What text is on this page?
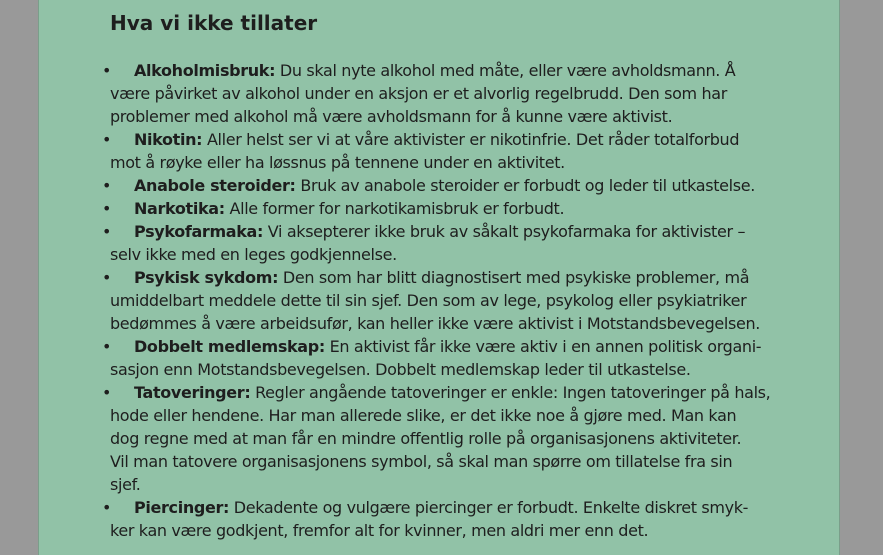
Hva vi ikke tillater
•	Alkoholmisbruk: Du skal nyte alkohol med måte, eller være avholdsmann. Å
være påvirket av alkohol under en aksjon er et alvorlig regelbrudd. Den som har
problemer med alkohol må være avholdsmann for å kunne være aktivist.
•	Nikotin: Aller helst ser vi at våre aktivister er nikotinfrie. Det råder totalforbud
mot å røyke eller ha løssnus på tennene under en aktivitet.
•	Anabole steroider: Bruk av anabole steroider er forbudt og leder til utkastelse.
•	Narkotika: Alle former for narkotikamisbruk er forbudt.
•	Psykofarmaka: Vi aksepterer ikke bruk av såkalt psykofarmaka for aktivister –
selv ikke med en leges godkjennelse.
•	Psykisk sykdom: Den som har blitt diagnostisert med psykiske problemer, må
umiddelbart meddele dette til sin sjef. Den som av lege, psykolog eller psykiatriker
bedømmes å være arbeidsufør, kan heller ikke være aktivist i Motstandsbevegelsen.
•	Dobbelt medlemskap: En aktivist får ikke være aktiv i en annen politisk organi-
sasjon enn Motstandsbevegelsen. Dobbelt medlemskap leder til utkastelse.
•	Tatoveringer: Regler angående tatoveringer er enkle: Ingen tatoveringer på hals,
hode eller hendene. Har man allerede slike, er det ikke noe å gjøre med. Man kan
dog regne med at man får en mindre offentlig rolle på organisasjonens aktiviteter.
Vil man tatovere organisasjonens symbol, så skal man spørre om tillatelse fra sin
sjef.
•	Piercinger: Dekadente og vulgære piercinger er forbudt. Enkelte diskret smyk-
ker kan være godkjent, fremfor alt for kvinner, men aldri mer enn det.
